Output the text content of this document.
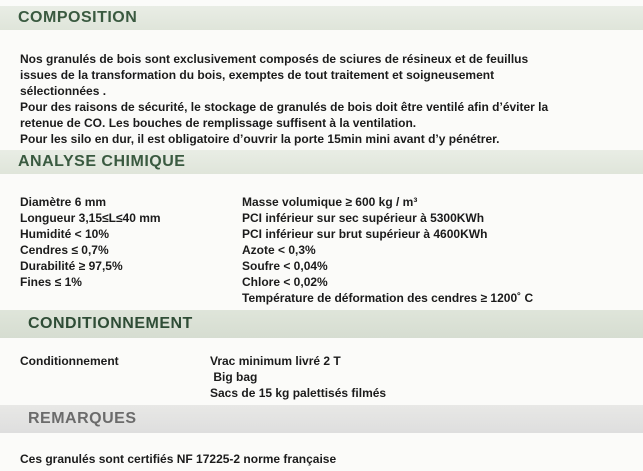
COMPOSITION
Nos granulés de bois sont exclusivement composés de sciures de résineux et de feuillus
issues de la transformation du bois, exemptes de tout traitement et soigneusement
sélectionnées .
Pour des raisons de sécurité, le stockage de granulés de bois doit être ventilé afin d’éviter la
retenue de CO. Les bouches de remplissage suffisent à la ventilation.
Pour les silo en dur, il est obligatoire d’ouvrir la porte 15min mini avant d’y pénétrer.
ANALYSE CHIMIQUE
Diamètre 6 mm
Longueur 3,15≤L≤40 mm
Humidité < 10%
Cendres ≤ 0,7%
Durabilité ≥ 97,5%
Fines ≤ 1%
Masse volumique ≥ 600 kg / m³
PCI inférieur sur sec supérieur à 5300KWh
PCI inférieur sur brut supérieur à 4600KWh
Azote < 0,3%
Soufre < 0,04%
Chlore < 0,02%
Température de déformation des cendres ≥ 1200˚ C
CONDITIONNEMENT
Conditionnement	Vrac minimum livré 2 T
Big bag
Sacs de 15 kg palettisés filmés
REMARQUES
Ces granulés sont certifiés NF 17225-2 norme française
